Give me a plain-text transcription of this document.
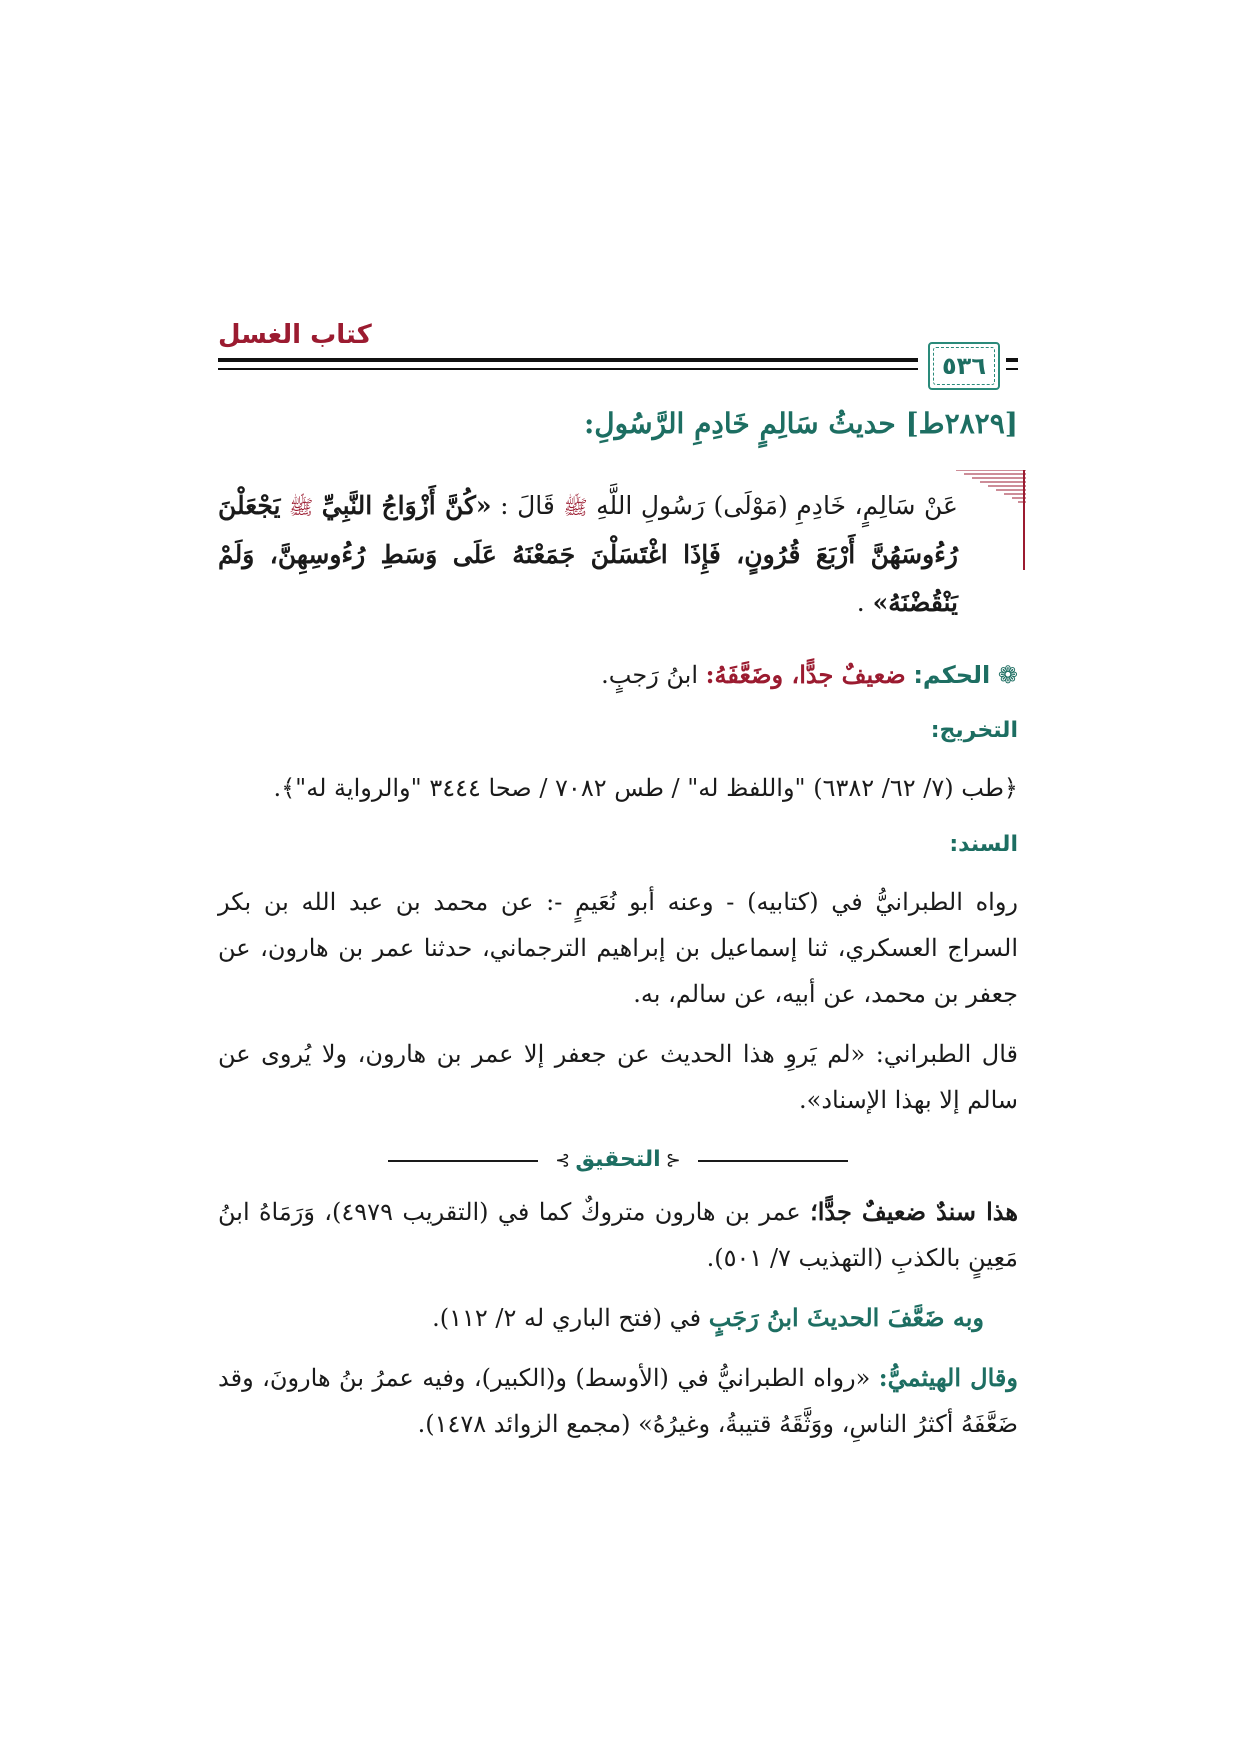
كتاب الغسل
٥٣٦
[٢٨٢٩ط] حديثُ سَالِمٍ خَادِمِ الرَّسُولِ:

عَنْ سَالِمٍ، خَادِمِ (مَوْلَى) رَسُولِ اللَّهِ ﷺ قَالَ : «كُنَّ أَزْوَاجُ النَّبِيِّ ﷺ يَجْعَلْنَ رُءُوسَهُنَّ أَرْبَعَ قُرُونٍ، فَإِذَا اغْتَسَلْنَ جَمَعْنَهُ عَلَى وَسَطِ رُءُوسِهِنَّ، وَلَمْ يَنْقُضْنَهُ» .

❁ الحكم: ضعيفٌ جدًّا، وضَعَّفَهُ: ابنُ رَجبٍ.
التخريج:

﴿طب (٧/ ٦٢/ ٦٣٨٢) "واللفظ له" / طس ٧٠٨٢ / صحا ٣٤٤٤ "والرواية له"﴾.

السند:

رواه الطبرانيُّ في (كتابيه) - وعنه أبو نُعَيمٍ -: عن محمد بن عبد الله بن بكر السراج العسكري، ثنا إسماعيل بن إبراهيم الترجماني، حدثنا عمر بن هارون، عن جعفر بن محمد، عن أبيه، عن سالم، به.

قال الطبراني: «لم يَروِ هذا الحديث عن جعفر إلا عمر بن هارون، ولا يُروى عن سالم إلا بهذا الإسناد».

⊰ التحقيق ⊱

هذا سندٌ ضعيفٌ جدًّا؛ عمر بن هارون متروكٌ كما في (التقريب ٤٩٧٩)، وَرَمَاهُ ابنُ مَعِينٍ بالكذبِ (التهذيب ٧/ ٥٠١).

وبه ضَعَّفَ الحديثَ ابنُ رَجَبٍ في (فتح الباري له ٢/ ١١٢).

وقال الهيثميُّ: «رواه الطبرانيُّ في (الأوسط) و(الكبير)، وفيه عمرُ بنُ هارونَ، وقد ضَعَّفَهُ أكثرُ الناسِ، ووَثَّقَهُ قتيبةُ، وغيرُهُ» (مجمع الزوائد ١٤٧٨).
